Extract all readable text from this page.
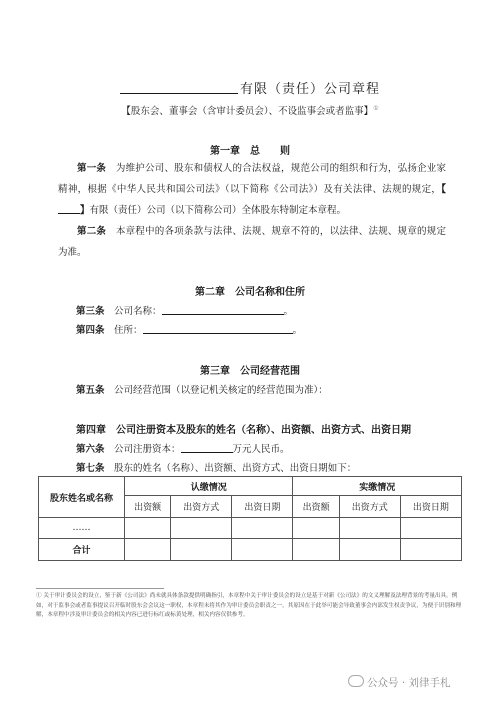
有限（责任）公司章程
【股东会、董事会（含审计委员会）、不设监事会或者监事】①
第一章　总　　则
第一条　 为维护公司、股东和债权人的合法权益，规范公司的组织和行为，弘扬企业家精神，根据《中华人民共和国公司法》（以下简称《公司法》）及有关法律、法规的规定，【】有限（责任）公司（以下简称公司）全体股东特制定本章程。
第二条　 本章程中的各项条款与法律、法规、规章不符的，以法律、法规、规章的规定为准。
第二章　公司名称和住所
第三条　 公司名称：	。
第四条　 住所：	。
第三章　公司经营范围
第五条　 公司经营范围（以登记机关核定的经营范围为准）：
第四章　公司注册资本及股东的姓名（名称）、出资额、出资方式、出资日期
第六条　 公司注册资本：	万元人民币。
第七条　 股东的姓名（名称）、出资额、出资方式、出资日期如下：
股东姓名或名称	认缴情况			实缴情况		
	出资额	出资方式	出资日期	出资额	出资方式	出资日期
……						
合计						
① 关于审计委员会的设立，鉴于新《公司法》尚未就具体条款提供明确指引，本章程中关于审计委员会的设立是基于对新《公司法》的文义理解及法理背景的考量出具。例如，对于监事会或者监事提议召开临时股东会会议这一职权，本章程未将其作为审计委员会职责之一，其原因在于此举可能会导致董事会内部发生权责争议，为便于识别和理解，本章程中涉及审计委员会的相关内容已进行标红或标黄处理，相关内容仅供参考。
公众号 · 刘律手札
